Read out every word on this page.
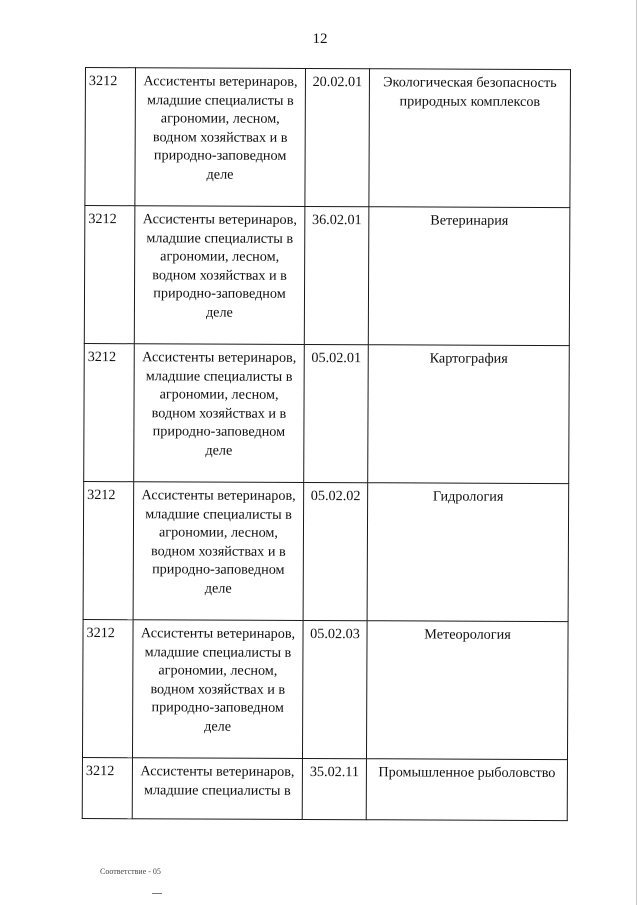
12
3212	Ассистенты ветеринаров, младшие специалисты в агрономии, лесном, водном хозяйствах и в природно-заповедном деле	20.02.01	Экологическая безопасность природных комплексов
3212	Ассистенты ветеринаров, младшие специалисты в агрономии, лесном, водном хозяйствах и в природно-заповедном деле	36.02.01	Ветеринария
3212	Ассистенты ветеринаров, младшие специалисты в агрономии, лесном, водном хозяйствах и в природно-заповедном деле	05.02.01	Картография
3212	Ассистенты ветеринаров, младшие специалисты в агрономии, лесном, водном хозяйствах и в природно-заповедном деле	05.02.02	Гидрология
3212	Ассистенты ветеринаров, младшие специалисты в агрономии, лесном, водном хозяйствах и в природно-заповедном деле	05.02.03	Метеорология
3212	Ассистенты ветеринаров, младшие специалисты в	35.02.11	Промышленное рыболовство
Соответствие - 05
